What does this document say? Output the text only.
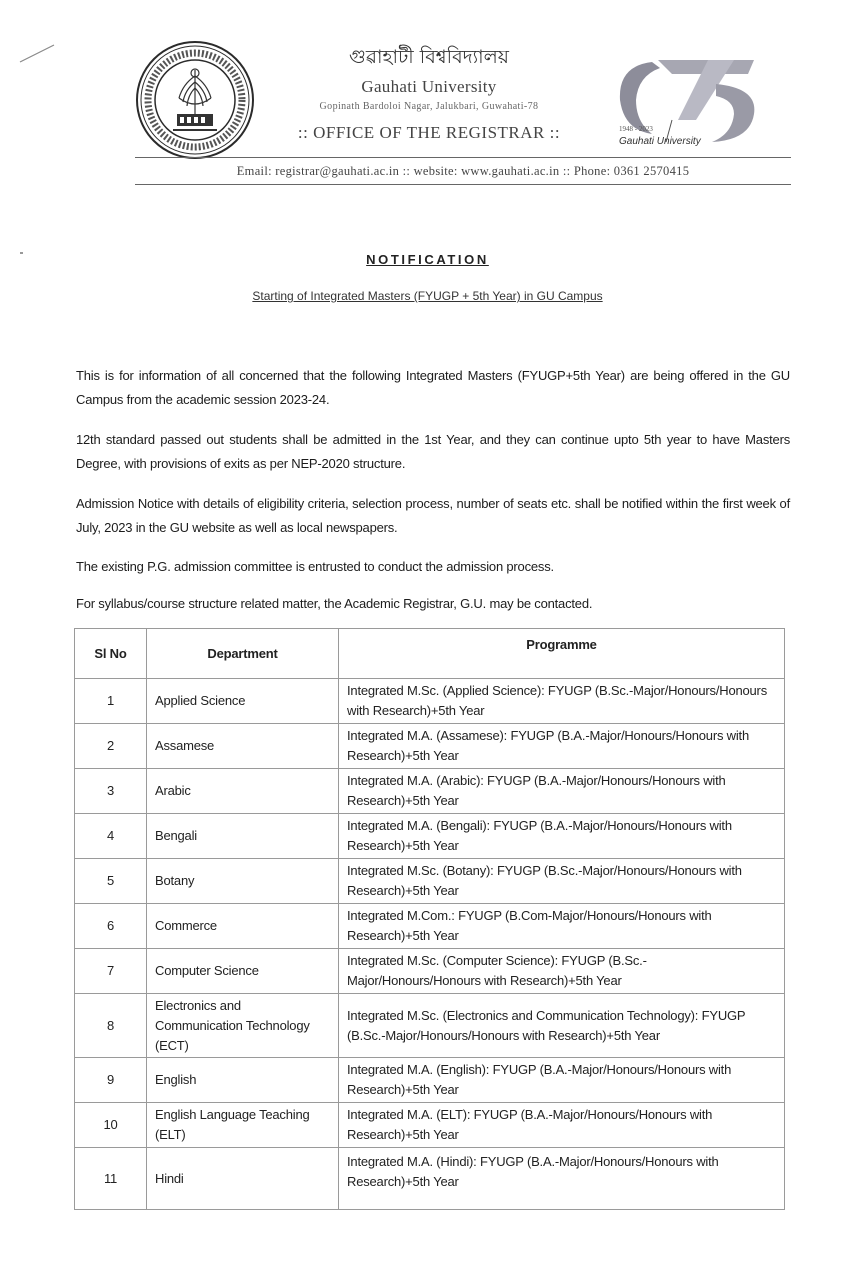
গুৱাহাটী বিশ্ববিদ্যালয়
Gauhati University
Gopinath Bardoloi Nagar, Jalukbari, Guwahati-78
:: OFFICE OF THE REGISTRAR ::	1948 - 2023
Gauhati University
Email: registrar@gauhati.ac.in :: website: www.gauhati.ac.in :: Phone: 0361 2570415
NOTIFICATION
Starting of Integrated Masters (FYUGP + 5th Year) in GU Campus
This is for information of all concerned that the following Integrated Masters (FYUGP+5th Year) are being offered in the GU Campus from the academic session 2023-24.
12th standard passed out students shall be admitted in the 1st Year, and they can continue upto 5th year to have Masters Degree, with provisions of exits as per NEP-2020 structure.
Admission Notice with details of eligibility criteria, selection process, number of seats etc. shall be notified within the first week of July, 2023 in the GU website as well as local newspapers.
The existing P.G. admission committee is entrusted to conduct the admission process.
For syllabus/course structure related matter, the Academic Registrar, G.U. may be contacted.
Sl No	Department	Programme
1	Applied Science	Integrated M.Sc. (Applied Science): FYUGP (B.Sc.-Major/Honours/Honours with Research)+5th Year
2	Assamese	Integrated M.A. (Assamese): FYUGP (B.A.-Major/Honours/Honours with Research)+5th Year
3	Arabic	Integrated M.A. (Arabic): FYUGP (B.A.-Major/Honours/Honours with Research)+5th Year
4	Bengali	Integrated M.A. (Bengali): FYUGP (B.A.-Major/Honours/Honours with Research)+5th Year
5	Botany	Integrated M.Sc. (Botany): FYUGP (B.Sc.-Major/Honours/Honours with Research)+5th Year
6	Commerce	Integrated M.Com.: FYUGP (B.Com-Major/Honours/Honours with Research)+5th Year
7	Computer Science	Integrated M.Sc. (Computer Science): FYUGP (B.Sc.-Major/Honours/Honours with Research)+5th Year
8	Electronics and Communication Technology (ECT)	Integrated M.Sc. (Electronics and Communication Technology): FYUGP (B.Sc.-Major/Honours/Honours with Research)+5th Year
9	English	Integrated M.A. (English): FYUGP (B.A.-Major/Honours/Honours with Research)+5th Year
10	English Language Teaching (ELT)	Integrated M.A. (ELT): FYUGP (B.A.-Major/Honours/Honours with Research)+5th Year
11	Hindi	Integrated M.A. (Hindi): FYUGP (B.A.-Major/Honours/Honours with Research)+5th Year
